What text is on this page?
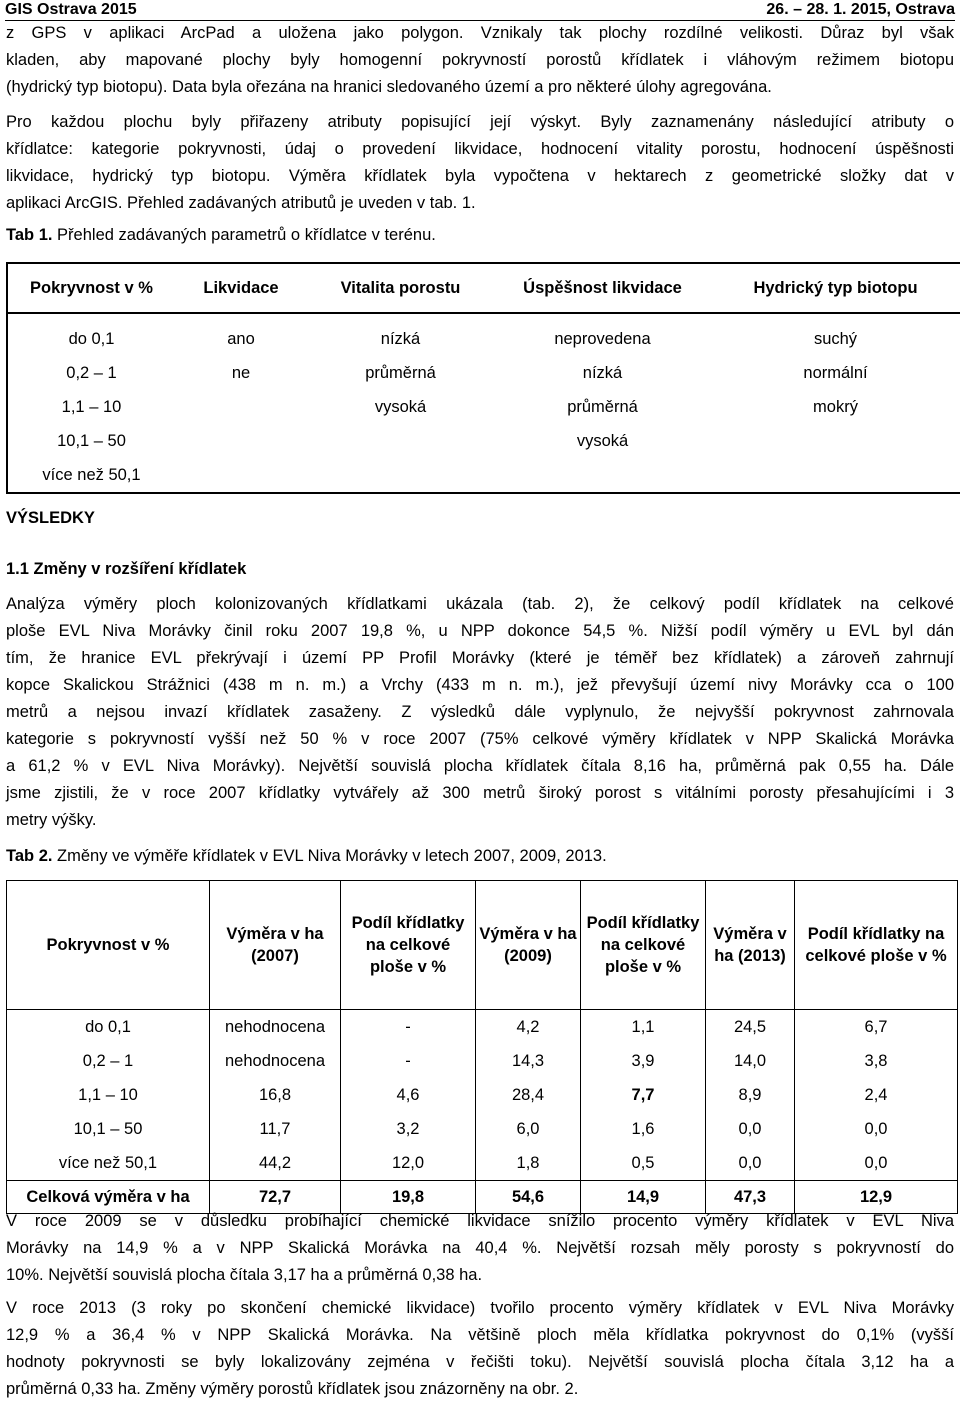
GIS Ostrava 2015	26. – 28. 1. 2015, Ostrava
z GPS v aplikaci ArcPad a uložena jako polygon. Vznikaly tak plochy rozdílné velikosti. Důraz byl však
kladen, aby mapované plochy byly homogenní pokryvností porostů křídlatek i vláhovým režimem biotopu
(hydrický typ biotopu). Data byla ořezána na hranici sledovaného území a pro některé úlohy agregována.
Pro každou plochu byly přiřazeny atributy popisující její výskyt. Byly zaznamenány následující atributy o
křídlatce: kategorie pokryvnosti, údaj o provedení likvidace, hodnocení vitality porostu, hodnocení úspěšnosti
likvidace, hydrický typ biotopu. Výměra křídlatek byla vypočtena v hektarech z geometrické složky dat v
aplikaci ArcGIS. Přehled zadávaných atributů je uveden v tab. 1.
Tab 1. Přehled zadávaných parametrů o křídlatce v terénu.
Pokryvnost v %	Likvidace	Vitalita porostu	Úspěšnost likvidace	Hydrický typ biotopu
do 0,1	ano	nízká	neprovedena	suchý
0,2 – 1	ne	průměrná	nízká	normální
1,1 – 10		vysoká	průměrná	mokrý
10,1 – 50			vysoká	
více než 50,1				
VÝSLEDKY
1.1 Změny v rozšíření křídlatek
Analýza výměry ploch kolonizovaných křídlatkami ukázala (tab. 2), že celkový podíl křídlatek na celkové
ploše EVL Niva Morávky činil roku 2007 19,8 %, u NPP dokonce 54,5 %. Nižší podíl výměry u EVL byl dán
tím, že hranice EVL překrývají i území PP Profil Morávky (které je téměř bez křídlatek) a zároveň zahrnují
kopce Skalickou Strážnici (438 m n. m.) a Vrchy (433 m n. m.), jež převyšují území nivy Morávky cca o 100
metrů a nejsou invazí křídlatek zasaženy. Z výsledků dále vyplynulo, že nejvyšší pokryvnost zahrnovala
kategorie s pokryvností vyšší než 50 % v roce 2007 (75% celkové výměry křídlatek v NPP Skalická Morávka
a 61,2 % v EVL Niva Morávky). Největší souvislá plocha křídlatek čítala 8,16 ha, průměrná pak 0,55 ha. Dále
jsme zjistili, že v roce 2007 křídlatky vytvářely až 300 metrů široký porost s vitálními porosty přesahujícími i 3
metry výšky.
Tab 2. Změny ve výměře křídlatek v EVL Niva Morávky v letech 2007, 2009, 2013.
Pokryvnost v %	Výměra v ha (2007)	Podíl křídlatky na celkové ploše v %	Výměra v ha (2009)	Podíl křídlatky na celkové ploše v %	Výměra v ha (2013)	Podíl křídlatky na celkové ploše v %
do 0,1	nehodnocena	-	4,2	1,1	24,5	6,7
0,2 – 1	nehodnocena	-	14,3	3,9	14,0	3,8
1,1 – 10	16,8	4,6	28,4	7,7	8,9	2,4
10,1 – 50	11,7	3,2	6,0	1,6	0,0	0,0
více než 50,1	44,2	12,0	1,8	0,5	0,0	0,0
Celková výměra v ha	72,7	19,8	54,6	14,9	47,3	12,9
V roce 2009 se v důsledku probíhající chemické likvidace snížilo procento výměry křídlatek v EVL Niva
Morávky na 14,9 % a v NPP Skalická Morávka na 40,4 %. Největší rozsah měly porosty s pokryvností do
10%. Největší souvislá plocha čítala 3,17 ha a průměrná 0,38 ha.
V roce 2013 (3 roky po skončení chemické likvidace) tvořilo procento výměry křídlatek v EVL Niva Morávky
12,9 % a 36,4 % v NPP Skalická Morávka. Na většině ploch měla křídlatka pokryvnost do 0,1% (vyšší
hodnoty pokryvnosti se byly lokalizovány zejména v řečišti toku). Největší souvislá plocha čítala 3,12 ha a
průměrná 0,33 ha. Změny výměry porostů křídlatek jsou znázorněny na obr. 2.
